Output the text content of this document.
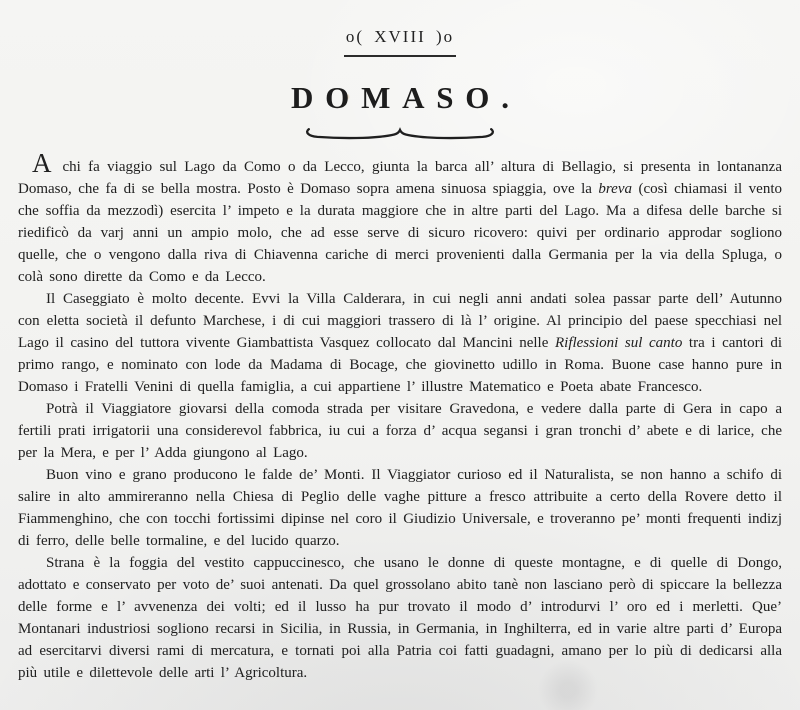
o( XVIII )o
DOMASO.

Achi fa viaggio sul Lago da Como o da Lecco, giunta la barca all’ altura di Bellagio, si presenta in lontananza Domaso, che fa di se bella mostra. Posto è Domaso sopra amena sinuosa spiaggia, ove la breva (così chiamasi il vento che soffia da mezzodì) esercita l’ impeto e la durata maggiore che in altre parti del Lago. Ma a difesa delle barche si riedificò da varj anni un ampio molo, che ad esse serve di sicuro ricovero: quivi per ordinario approdar sogliono quelle, che o vengono dalla riva di Chiavenna cariche di merci provenienti dalla Germania per la via della Spluga, o colà sono dirette da Como e da Lecco.

Il Caseggiato è molto decente. Evvi la Villa Calderara, in cui negli anni andati solea passar parte dell’ Autunno con eletta società il defunto Marchese, i di cui maggiori trassero di là l’ origine. Al principio del paese specchiasi nel Lago il casino del tuttora vivente Giambattista Vasquez collocato dal Mancini nelle Riflessioni sul canto tra i cantori di primo rango, e nominato con lode da Madama di Bocage, che giovinetto udillo in Roma. Buone case hanno pure in Domaso i Fratelli Venini di quella famiglia, a cui appartiene l’ illustre Matematico e Poeta abate Francesco.

Potrà il Viaggiatore giovarsi della comoda strada per visitare Gravedona, e vedere dalla parte di Gera in capo a fertili prati irrigatorii una considerevol fabbrica, iu cui a forza d’ acqua segansi i gran tronchi d’ abete e di larice, che per la Mera, e per l’ Adda giungono al Lago.

Buon vino e grano producono le falde de’ Monti. Il Viaggiator curioso ed il Naturalista, se non hanno a schifo di salire in alto ammireranno nella Chiesa di Peglio delle vaghe pitture a fresco attribuite a certo della Rovere detto il Fiammenghino, che con tocchi fortissimi dipinse nel coro il Giudizio Universale, e troveranno pe’ monti frequenti indizj di ferro, delle belle tormaline, e del lucido quarzo.

Strana è la foggia del vestito cappuccinesco, che usano le donne di queste montagne, e di quelle di Dongo, adottato e conservato per voto de’ suoi antenati. Da quel grossolano abito tanè non lasciano però di spiccare la bellezza delle forme e l’ avvenenza dei volti; ed il lusso ha pur trovato il modo d’ introdurvi l’ oro ed i merletti. Que’ Montanari industriosi sogliono recarsi in Sicilia, in Russia, in Germania, in Inghilterra, ed in varie altre parti d’ Europa ad esercitarvi diversi rami di mercatura, e tornati poi alla Patria coi fatti guadagni, amano per lo più di dedicarsi alla più utile e dilettevole delle arti l’ Agricoltura.
